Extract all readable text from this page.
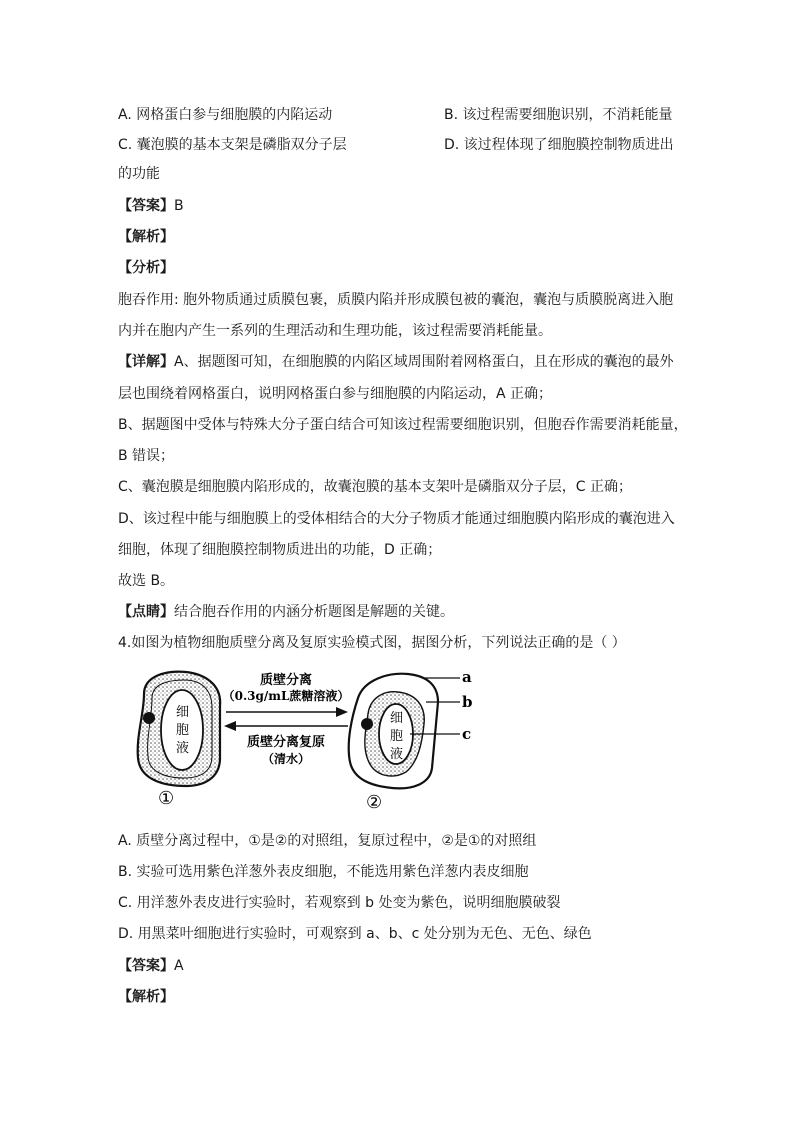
A. 网格蛋白参与细胞膜的内陷运动	B. 该过程需要细胞识别，不消耗能量
C. 囊泡膜的基本支架是磷脂双分子层	D. 该过程体现了细胞膜控制物质进出
的功能
【答案】B
【解析】
【分析】
胞吞作用: 胞外物质通过质膜包裹，质膜内陷并形成膜包被的囊泡，囊泡与质膜脱离进入胞
内并在胞内产生一系列的生理活动和生理功能，该过程需要消耗能量。
【详解】A、据题图可知，在细胞膜的内陷区域周围附着网格蛋白，且在形成的囊泡的最外
层也围绕着网格蛋白，说明网格蛋白参与细胞膜的内陷运动，A 正确；
B、据题图中受体与特殊大分子蛋白结合可知该过程需要细胞识别，但胞吞作需要消耗能量，
B 错误；
C、囊泡膜是细胞膜内陷形成的，故囊泡膜的基本支架叶是磷脂双分子层，C 正确；
D、该过程中能与细胞膜上的受体相结合的大分子物质才能通过细胞膜内陷形成的囊泡进入
细胞，体现了细胞膜控制物质进出的功能，D 正确；
故选 B。
【点睛】结合胞吞作用的内涵分析题图是解题的关键。
4.如图为植物细胞质壁分离及复原实验模式图，据图分析，下列说法正确的是（ ）
细
胞
液
①
质壁分离
（0.3g/mL蔗糖溶液）
质壁分离复原
（清水）
细
胞
液
②
a
b
c
A. 质壁分离过程中，①是②的对照组，复原过程中，②是①的对照组
B. 实验可选用紫色洋葱外表皮细胞，不能选用紫色洋葱内表皮细胞
C. 用洋葱外表皮进行实验时，若观察到 b 处变为紫色，说明细胞膜破裂
D. 用黑菜叶细胞进行实验时，可观察到 a、b、c 处分别为无色、无色、绿色
【答案】A
【解析】
